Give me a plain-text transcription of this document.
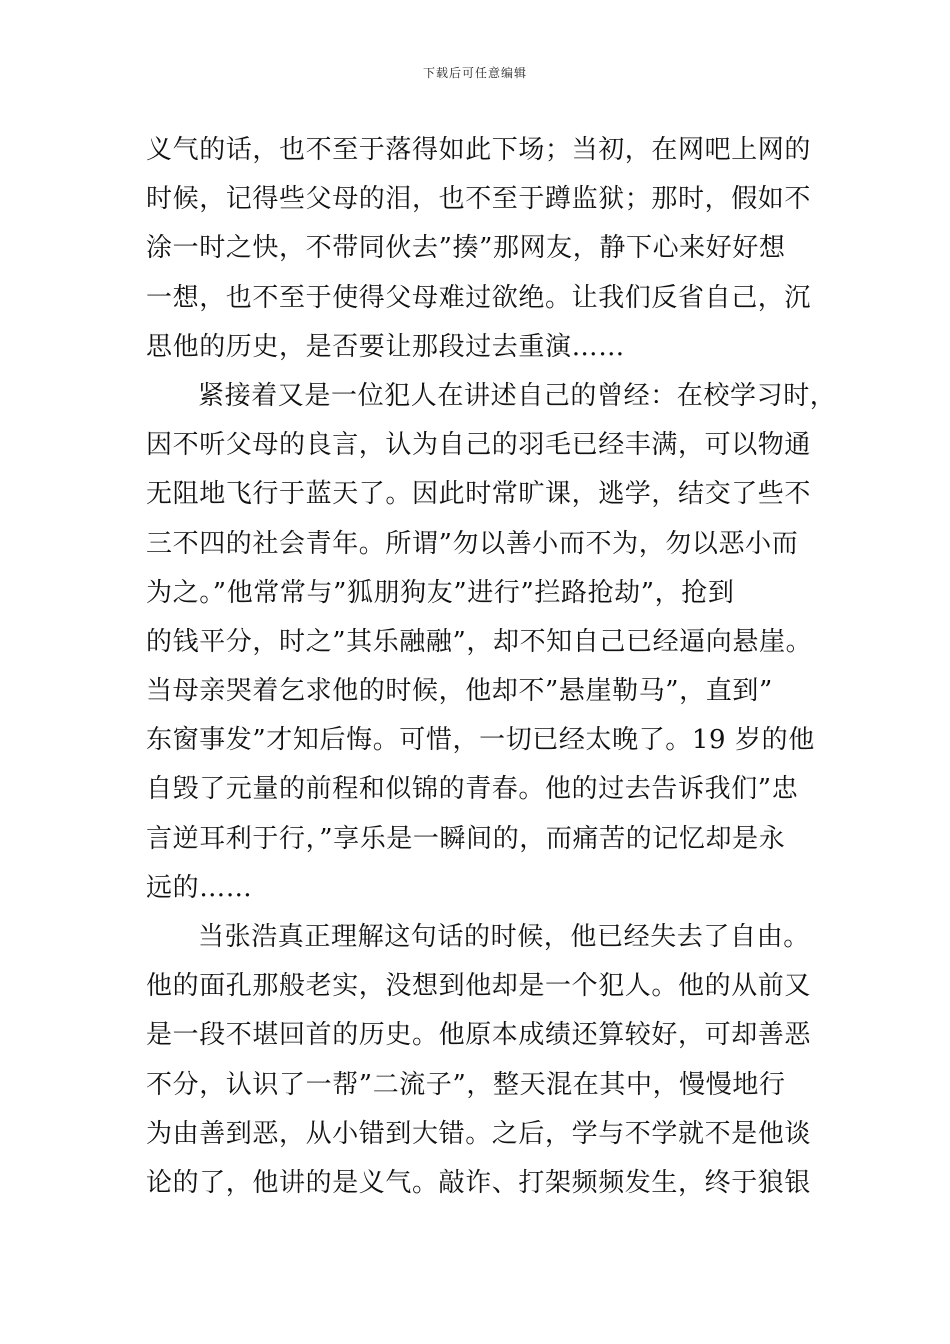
下载后可任意编辑
义气的话，也不至于落得如此下场；当初，在网吧上网的
时候，记得些父母的泪，也不至于蹲监狱；那时，假如不
涂一时之快，不带同伙去”揍”那网友，静下心来好好想
一想，也不至于使得父母难过欲绝。让我们反省自己，沉
思他的历史，是否要让那段过去重演……
紧接着又是一位犯人在讲述自己的曾经：在校学习时，
因不听父母的良言，认为自己的羽毛已经丰满，可以物通
无阻地飞行于蓝天了。因此时常旷课，逃学，结交了些不
三不四的社会青年。所谓”勿以善小而不为，勿以恶小而
为之。”他常常与”狐朋狗友”进行”拦路抢劫”，抢到
的钱平分，时之”其乐融融”，却不知自己已经逼向悬崖。
当母亲哭着乞求他的时候，他却不”悬崖勒马”，直到”
东窗事发”才知后悔。可惜，一切已经太晚了。19 岁的他
自毁了元量的前程和似锦的青春。他的过去告诉我们”忠
言逆耳利于行，”享乐是一瞬间的，而痛苦的记忆却是永
远的……
当张浩真正理解这句话的时候，他已经失去了自由。
他的面孔那般老实，没想到他却是一个犯人。他的从前又
是一段不堪回首的历史。他原本成绩还算较好，可却善恶
不分，认识了一帮”二流子”，整天混在其中，慢慢地行
为由善到恶，从小错到大错。之后，学与不学就不是他谈
论的了，他讲的是义气。敲诈、打架频频发生，终于狼银
